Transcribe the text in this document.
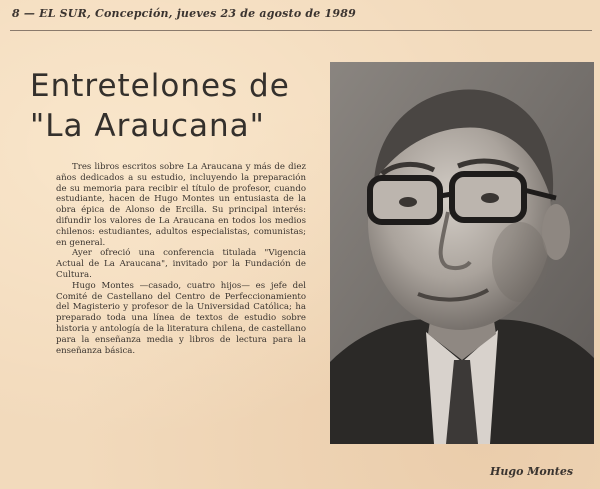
8 — EL SUR, Concepción, jueves 23 de agosto de 1989
Entretelones de
"La Araucana"

Tres libros escritos sobre La Araucana y más de diez años dedicados a su estudio, incluyendo la preparación de su memoria para recibir el título de profesor, cuando estudiante, hacen de Hugo Montes un entusiasta de la obra épica de Alonso de Ercilla. Su principal interés: difundir los valores de La Araucana en todos los medios chilenos: estudiantes, adultos especialistas, comunistas; en general.

Ayer ofreció una conferencia titulada "Vigencia Actual de La Araucana", invitado por la Fundación de Cultura.

Hugo Montes —casado, cuatro hijos— es jefe del Comité de Castellano del Centro de Perfeccionamiento del Magisterio y profesor de la Universidad Católica; ha preparado toda una línea de textos de estudio sobre historia y antología de la literatura chilena, de castellano para la enseñanza media y libros de lectura para la enseñanza básica.

Hugo Montes
